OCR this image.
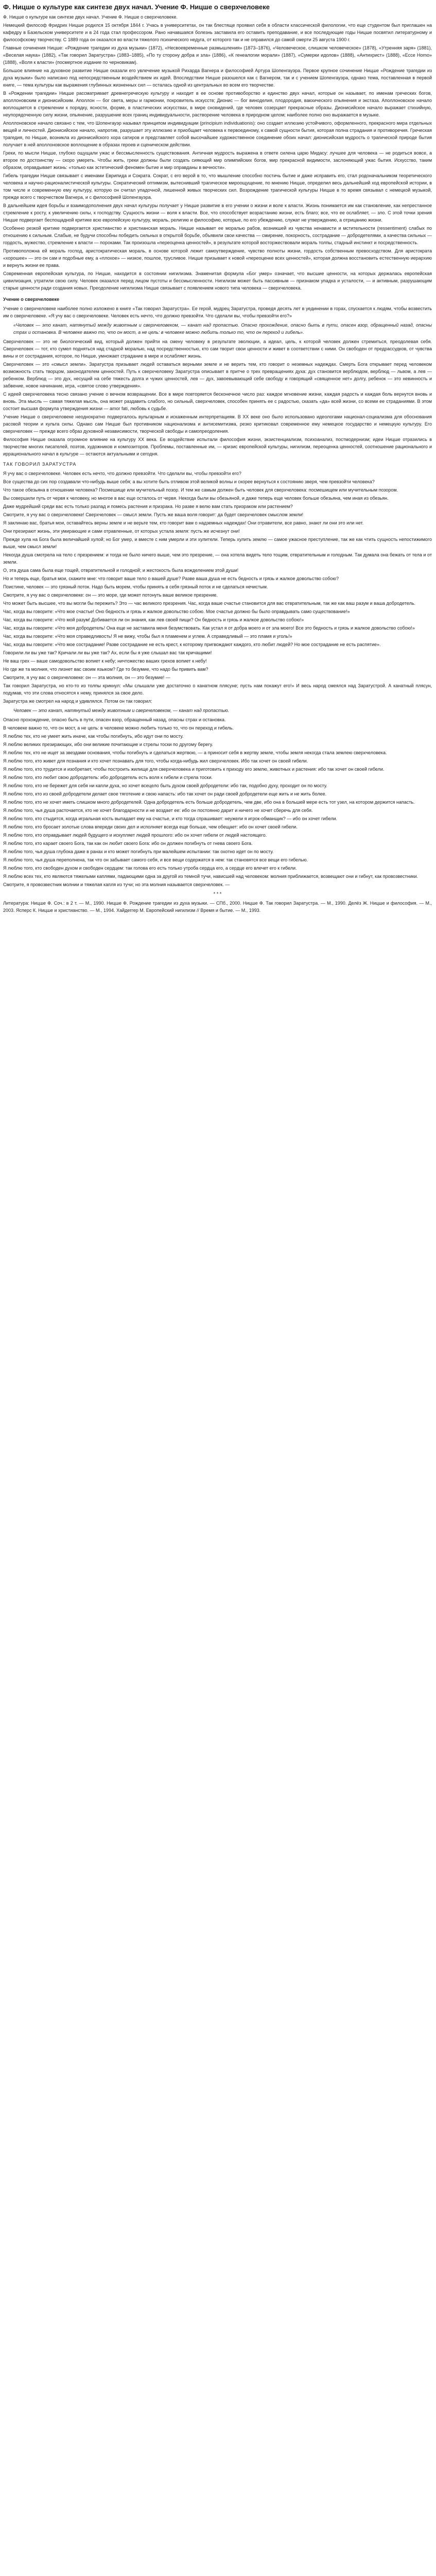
Ф. Ницше о культуре как синтезе двух начал. Учение Ф. Ницше о сверхчеловеке

Ф. Ницше о культуре как синтезе двух начал. Учение Ф. Ницше о сверхчеловеке.

Немецкий философ Фридрих Ницше родился 15 октября 1844 г. Учась в университетах, он так блестяще проявил себя в области классической филологии, что еще студентом был приглашен на кафедру в Базельском университете и в 24 года стал профессором. Рано начавшаяся болезнь заставила его оставить преподавание, и все последующие годы Ницше посвятил литературному и философскому творчеству. С 1889 года он оказался во власти тяжелого психического недуга, от которого так и не оправился до самой смерти 25 августа 1900 г.

Главные сочинения Ницше: «Рождение трагедии из духа музыки» (1872), «Несвоевременные размышления» (1873–1876), «Человеческое, слишком человеческое» (1878), «Утренняя заря» (1881), «Веселая наука» (1882), «Так говорил Заратустра» (1883–1885), «По ту сторону добра и зла» (1886), «К генеалогии морали» (1887), «Сумерки идолов» (1888), «Антихрист» (1888), «Ессе Homo» (1888), «Воля к власти» (посмертное издание по черновикам).

Большое влияние на духовное развитие Ницше оказали его увлечение музыкой Рихарда Вагнера и философией Артура Шопенгауэра. Первое крупное сочинение Ницше «Рождение трагедии из духа музыки» было написано под непосредственным воздействием их идей. Впоследствии Ницше разошелся как с Вагнером, так и с учением Шопенгауэра, однако тема, поставленная в первой книге, — тема культуры как выражения глубинных жизненных сил — осталась одной из центральных во всем его творчестве.

В «Рождении трагедии» Ницше рассматривает древнегреческую культуру и находит в ее основе противоборство и единство двух начал, которые он называет, по именам греческих богов, аполлоновским и дионисийским. Аполлон — бог света, меры и гармонии, покровитель искусств; Дионис — бог виноделия, плодородия, вакхического опьянения и экстаза. Аполлоновское начало воплощается в стремлении к порядку, ясности, форме, в пластических искусствах, в мире сновидений, где человек созерцает прекрасные образы. Дионисийское начало выражает стихийную, неупорядоченную силу жизни, опьянение, разрушение всех границ индивидуальности, растворение человека в природном целом; наиболее полно оно выражается в музыке.

Аполлоновское начало связано с тем, что Шопенгауэр называл принципом индивидуации (principium individuationis): оно создает иллюзию устойчивого, оформленного, прекрасного мира отдельных вещей и личностей. Дионисийское начало, напротив, разрушает эту иллюзию и приобщает человека к первоединому, к самой сущности бытия, которая полна страдания и противоречия. Греческая трагедия, по Ницше, возникла из дионисийского хора сатиров и представляет собой высочайшее художественное соединение обоих начал: дионисийская мудрость о трагической природе бытия получает в ней аполлоновское воплощение в образах героев и сценическом действии.

Греки, по мысли Ницше, глубоко ощущали ужас и бессмысленность существования. Античная мудрость выражена в ответе силена царю Мидасу: лучшее для человека — не родиться вовсе, а второе по достоинству — скоро умереть. Чтобы жить, греки должны были создать сияющий мир олимпийских богов, мир прекрасной видимости, заслоняющий ужас бытия. Искусство, таким образом, оправдывает жизнь: «только как эстетический феномен бытие и мир оправданы в вечности».

Гибель трагедии Ницше связывает с именами Еврипида и Сократа. Сократ, с его верой в то, что мышление способно постичь бытие и даже исправить его, стал родоначальником теоретического человека и научно-рационалистической культуры. Сократический оптимизм, вытеснивший трагическое мироощущение, по мнению Ницше, определил весь дальнейший ход европейской истории, в том числе и современную ему культуру, которую он считал упадочной, лишенной живых творческих сил. Возрождение трагической культуры Ницше в то время связывал с немецкой музыкой, прежде всего с творчеством Вагнера, и с философией Шопенгауэра.

В дальнейшем идея борьбы и взаимодополнения двух начал культуры получает у Ницше развитие в его учении о жизни и воле к власти. Жизнь понимается им как становление, как непрестанное стремление к росту, к увеличению силы, к господству. Сущность жизни — воля к власти. Все, что способствует возрастанию жизни, есть благо; все, что ее ослабляет, — зло. С этой точки зрения Ницше подвергает беспощадной критике всю европейскую культуру, мораль, религию и философию, которые, по его убеждению, служат не утверждению, а отрицанию жизни.

Особенно резкой критике подвергается христианство и христианская мораль. Ницше называет ее моралью рабов, возникшей из чувства ненависти и мстительности (ressentiment) слабых по отношению к сильным. Слабые, не будучи способны победить сильных в открытой борьбе, объявили свои качества — смирение, покорность, сострадание — добродетелями, а качества сильных — гордость, мужество, стремление к власти — пороками. Так произошла «переоценка ценностей», в результате которой восторжествовали мораль толпы, стадный инстинкт и посредственность.

Противоположна ей мораль господ, аристократическая мораль, в основе которой лежит самоутверждение, чувство полноты жизни, гордость собственным превосходством. Для аристократа «хорошее» — это он сам и подобные ему, а «плохое» — низкое, пошлое, трусливое. Ницше призывает к новой «переоценке всех ценностей», которая должна восстановить естественную иерархию и вернуть жизни ее права.

Современная европейская культура, по Ницше, находится в состоянии нигилизма. Знаменитая формула «Бог умер» означает, что высшие ценности, на которых держалась европейская цивилизация, утратили свою силу. Человек оказался перед лицом пустоты и бессмысленности. Нигилизм может быть пассивным — признаком упадка и усталости, — и активным, разрушающим старые ценности ради создания новых. Преодоление нигилизма Ницше связывает с появлением нового типа человека — сверхчеловека.

Учение о сверхчеловеке

Учение о сверхчеловеке наиболее полно изложено в книге «Так говорил Заратустра». Ее герой, мудрец Заратустра, проведя десять лет в уединении в горах, спускается к людям, чтобы возвестить им о сверхчеловеке. «Я учу вас о сверхчеловеке. Человек есть нечто, что должно превзойти. Что сделали вы, чтобы превзойти его?»

«Человек — это канат, натянутый между животным и сверхчеловеком, — канат над пропастью. Опасно прохождение, опасно быть в пути, опасен взор, обращенный назад, опасны страх и остановка. В человеке важно то, что он мост, а не цель: в человеке можно любить только то, что он переход и гибель».

Сверхчеловек — это не биологический вид, который должен прийти на смену человеку в результате эволюции, а идеал, цель, к которой человек должен стремиться, преодолевая себя. Сверхчеловек — тот, кто сумел подняться над стадной моралью, над посредственностью, кто сам творит свои ценности и живет в соответствии с ними. Он свободен от предрассудков, от чувства вины и от сострадания, которое, по Ницше, умножает страдание в мире и ослабляет жизнь.

Сверхчеловек — это «смысл земли». Заратустра призывает людей оставаться верными земле и не верить тем, кто говорит о неземных надеждах. Смерть Бога открывает перед человеком возможность стать творцом, законодателем ценностей. Путь к сверхчеловеку Заратустра описывает в притче о трех превращениях духа: дух становится верблюдом, верблюд — львом, а лев — ребенком. Верблюд — это дух, несущий на себе тяжесть долга и чужих ценностей, лев — дух, завоевывающий себе свободу и говорящий «священное нет» долгу, ребенок — это невинность и забвение, новое начинание, игра, «святое слово утверждения».

С идеей сверхчеловека тесно связано учение о вечном возвращении. Все в мире повторяется бесконечное число раз: каждое мгновение жизни, каждая радость и каждая боль вернутся вновь и вновь. Эта мысль — самая тяжелая мысль, она может раздавить слабого, но сильный, сверхчеловек, способен принять ее с радостью, сказать «да» всей жизни, со всеми ее страданиями. В этом состоит высшая формула утверждения жизни — amor fati, любовь к судьбе.

Учение Ницше о сверхчеловеке неоднократно подвергалось вульгарным и искаженным интерпретациям. В XX веке оно было использовано идеологами национал-социализма для обоснования расовой теории и культа силы. Однако сам Ницше был противником национализма и антисемитизма, резко критиковал современное ему немецкое государство и немецкую культуру. Его сверхчеловек — прежде всего образ духовной независимости, творческой свободы и самопреодоления.

Философия Ницше оказала огромное влияние на культуру XX века. Ее воздействие испытали философия жизни, экзистенциализм, психоанализ, постмодернизм; идеи Ницше отразились в творчестве многих писателей, поэтов, художников и композиторов. Проблемы, поставленные им, — кризис европейской культуры, нигилизм, переоценка ценностей, соотношение рационального и иррационального начал в культуре — остаются актуальными и сегодня.

ТАК ГОВОРИЛ ЗАРАТУСТРА

Я учу вас о сверхчеловеке. Человек есть нечто, что должно превзойти. Что сделали вы, чтобы превзойти его?

Все существа до сих пор создавали что-нибудь выше себя; а вы хотите быть отливом этой великой волны и скорее вернуться к состоянию зверя, чем превзойти человека?

Что такое обезьяна в отношении человека? Посмешище или мучительный позор. И тем же самым должен быть человек для сверхчеловека: посмешищем или мучительным позором.

Вы совершили путь от червя к человеку, но многое в вас еще осталось от червя. Некогда были вы обезьяной, и даже теперь еще человек больше обезьяна, чем иная из обезьян.

Даже мудрейший среди вас есть только разлад и помесь растения и призрака. Но разве я велю вам стать призраком или растением?

Смотрите, я учу вас о сверхчеловеке! Сверхчеловек — смысл земли. Пусть же ваша воля говорит: да будет сверхчеловек смыслом земли!

Я заклинаю вас, братья мои, оставайтесь верны земле и не верьте тем, кто говорит вам о надземных надеждах! Они отравители, все равно, знают ли они это или нет.

Они презирают жизнь, эти умирающие и сами отравленные, от которых устала земля: пусть же исчезнут они!

Прежде хула на Бога была величайшей хулой; но Бог умер, и вместе с ним умерли и эти хулители. Теперь хулить землю — самое ужасное преступление, так же как чтить сущность непостижимого выше, чем смысл земли!

Некогда душа смотрела на тело с презрением: и тогда не было ничего выше, чем это презрение, — она хотела видеть тело тощим, отвратительным и голодным. Так думала она бежать от тела и от земли.

О, эта душа сама была еще тощей, отвратительной и голодной; и жестокость была вожделением этой души!

Но и теперь еще, братья мои, скажите мне: что говорит ваше тело о вашей душе? Разве ваша душа не есть бедность и грязь и жалкое довольство собою?

Поистине, человек — это грязный поток. Надо быть морем, чтобы принять в себя грязный поток и не сделаться нечистым.

Смотрите, я учу вас о сверхчеловеке: он — это море, где может потонуть ваше великое презрение.

Что может быть высшее, что вы могли бы пережить? Это — час великого презрения. Час, когда ваше счастье становится для вас отвратительным, так же как ваш разум и ваша добродетель.

Час, когда вы говорите: «Что мое счастье! Оно бедность и грязь и жалкое довольство собою. Мое счастье должно бы было оправдывать само существование!»

Час, когда вы говорите: «Что мой разум! Добивается ли он знания, как лев своей пищи? Он бедность и грязь и жалкое довольство собою!»

Час, когда вы говорите: «Что моя добродетель! Она еще не заставила меня безумствовать. Как устал я от добра моего и от зла моего! Все это бедность и грязь и жалкое довольство собою!»

Час, когда вы говорите: «Что моя справедливость! Я не вижу, чтобы был я пламенем и углем. А справедливый — это пламя и уголь!»

Час, когда вы говорите: «Что мое сострадание! Разве сострадание не есть крест, к которому пригвождают каждого, кто любит людей? Но мое сострадание не есть распятие».

Говорили ли вы уже так? Кричали ли вы уже так? Ах, если бы я уже слышал вас так кричащими!

Не ваш грех — ваше самодовольство вопиет к небу; ничтожество ваших грехов вопиет к небу!

Но где же та молния, что лизнет вас своим языком? Где то безумие, что надо бы привить вам?

Смотрите, я учу вас о сверхчеловеке: он — эта молния, он — это безумие! —

Так говорил Заратустра, но кто-то из толпы крикнул: «Мы слышали уже достаточно о канатном плясуне; пусть нам покажут его!» И весь народ смеялся над Заратустрой. А канатный плясун, подумав, что эти слова относятся к нему, принялся за свое дело.

Заратустра же смотрел на народ и удивлялся. Потом он так говорил:

Человек — это канат, натянутый между животным и сверхчеловеком, — канат над пропастью.

Опасно прохождение, опасно быть в пути, опасен взор, обращенный назад, опасны страх и остановка.

В человеке важно то, что он мост, а не цель: в человеке можно любить только то, что он переход и гибель.

Я люблю тех, кто не умеет жить иначе, как чтобы погибнуть, ибо идут они по мосту.

Я люблю великих презирающих, ибо они великие почитающие и стрелы тоски по другому берегу.

Я люблю тех, кто не ищет за звездами основания, чтобы погибнуть и сделаться жертвою, — а приносит себя в жертву земле, чтобы земля некогда стала землею сверхчеловека.

Я люблю того, кто живет для познания и кто хочет познавать для того, чтобы когда-нибудь жил сверхчеловек. Ибо так хочет он своей гибели.

Я люблю того, кто трудится и изобретает, чтобы построить жилище для сверхчеловека и приготовить к приходу его землю, животных и растения: ибо так хочет он своей гибели.

Я люблю того, кто любит свою добродетель: ибо добродетель есть воля к гибели и стрела тоски.

Я люблю того, кто не бережет для себя ни капли духа, но хочет всецело быть духом своей добродетели: ибо так, подобно духу, проходит он по мосту.

Я люблю того, кто из своей добродетели делает свое тяготение и свою напасть: ибо так хочет он ради своей добродетели еще жить и не жить более.

Я люблю того, кто не хочет иметь слишком много добродетелей. Одна добродетель есть больше добродетель, чем две, ибо она в большей мере есть тот узел, на котором держится напасть.

Я люблю того, чья душа расточается, кто не хочет благодарности и не воздает ее: ибо он постоянно дарит и ничего не хочет сберечь для себя.

Я люблю того, кто стыдится, когда игральная кость выпадает ему на счастье, и кто тогда спрашивает: неужели я игрок-обманщик? — ибо он хочет гибели.

Я люблю того, кто бросает золотые слова впереди своих дел и исполняет всегда еще больше, чем обещает: ибо он хочет своей гибели.

Я люблю того, кто оправдывает людей будущего и искупляет людей прошлого: ибо он хочет гибели от людей настоящего.

Я люблю того, кто карает своего Бога, так как он любит своего Бога: ибо он должен погибнуть от гнева своего Бога.

Я люблю того, чья душа глубока даже в ранах и кто может погибнуть при малейшем испытании: так охотно идет он по мосту.

Я люблю того, чья душа переполнена, так что он забывает самого себя, и все вещи содержатся в нем: так становятся все вещи его гибелью.

Я люблю того, кто свободен духом и свободен сердцем: так голова его есть только утроба сердца его, а сердце его влечет его к гибели.

Я люблю всех тех, кто являются тяжелыми каплями, падающими одна за другой из темной тучи, нависшей над человеком: молния приближается, возвещают они и гибнут, как провозвестники.

Смотрите, я провозвестник молнии и тяжелая капля из тучи; но эта молния называется сверхчеловек. —

* * *

Литература: Ницше Ф. Соч.: в 2 т. — М., 1990. Ницше Ф. Рождение трагедии из духа музыки. — СПб., 2000. Ницше Ф. Так говорил Заратустра. — М., 1990. Делёз Ж. Ницше и философия. — М., 2003. Ясперс К. Ницше и христианство. — М., 1994. Хайдеггер М. Европейский нигилизм // Время и бытие. — М., 1993.
